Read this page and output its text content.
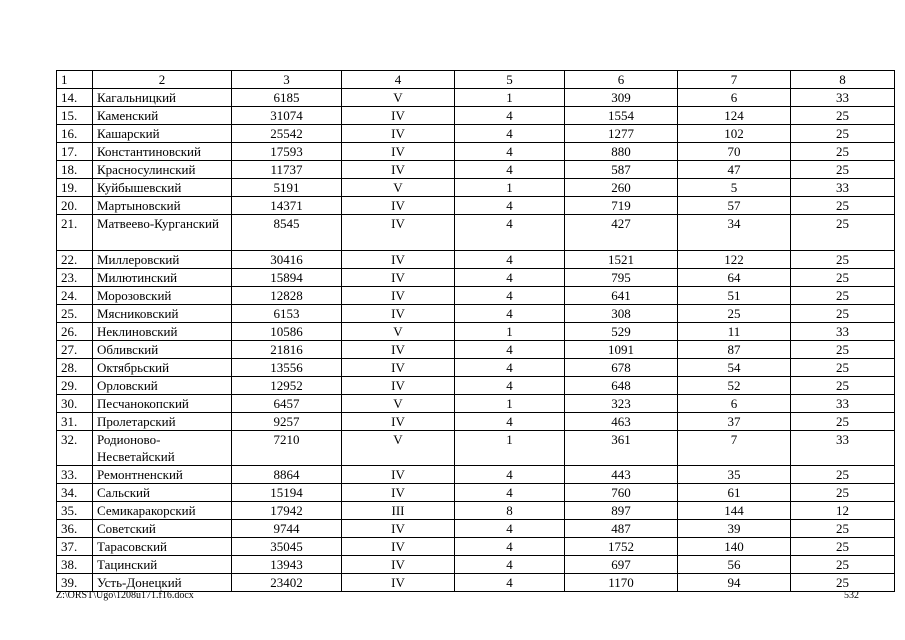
1	2	3	4	5	6	7	8
14.	Кагальницкий	6185	V	1	309	6	33
15.	Каменский	31074	IV	4	1554	124	25
16.	Кашарский	25542	IV	4	1277	102	25
17.	Константиновский	17593	IV	4	880	70	25
18.	Красносулинский	11737	IV	4	587	47	25
19.	Куйбышевский	5191	V	1	260	5	33
20.	Мартыновский	14371	IV	4	719	57	25
21.	Матвеево-Курганский	8545	IV	4	427	34	25
22.	Миллеровский	30416	IV	4	1521	122	25
23.	Милютинский	15894	IV	4	795	64	25
24.	Морозовский	12828	IV	4	641	51	25
25.	Мясниковский	6153	IV	4	308	25	25
26.	Неклиновский	10586	V	1	529	11	33
27.	Обливский	21816	IV	4	1091	87	25
28.	Октябрьский	13556	IV	4	678	54	25
29.	Орловский	12952	IV	4	648	52	25
30.	Песчанокопский	6457	V	1	323	6	33
31.	Пролетарский	9257	IV	4	463	37	25
32.	Родионово-Несветайский	7210	V	1	361	7	33
33.	Ремонтненский	8864	IV	4	443	35	25
34.	Сальский	15194	IV	4	760	61	25
35.	Семикаракорский	17942	III	8	897	144	12
36.	Советский	9744	IV	4	487	39	25
37.	Тарасовский	35045	IV	4	1752	140	25
38.	Тацинский	13943	IV	4	697	56	25
39.	Усть-Донецкий	23402	IV	4	1170	94	25
Z:\ORST\Ugo\1208u171.f16.docx	532
